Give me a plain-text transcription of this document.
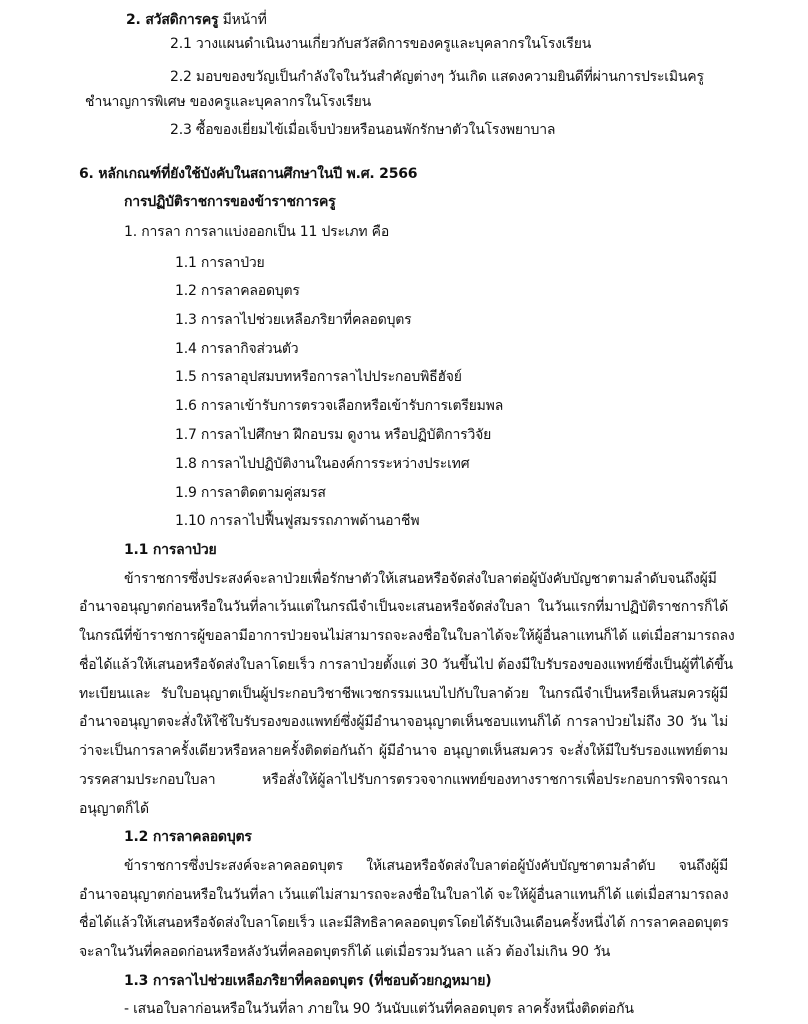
2. สวัสดิการครู มีหน้าที่
2.1 วางแผนดำเนินงานเกี่ยวกับสวัสดิการของครูและบุคลากรในโรงเรียน
2.2 มอบของขวัญเป็นกำลังใจในวันสำคัญต่างๆ วันเกิด แสดงความยินดีที่ผ่านการประเมินครู
ชำนาญการพิเศษ ของครูและบุคลากรในโรงเรียน
2.3 ซื้อของเยี่ยมไข้เมื่อเจ็บป่วยหรือนอนพักรักษาตัวในโรงพยาบาล
6. หลักเกณฑ์ที่ยังใช้บังคับในสถานศึกษาในปี พ.ศ. 2566
การปฏิบัติราชการของข้าราชการครู
1. การลา การลาแบ่งออกเป็น 11 ประเภท คือ
1.1 การลาป่วย
1.2 การลาคลอดบุตร
1.3 การลาไปช่วยเหลือภริยาที่คลอดบุตร
1.4 การลากิจส่วนตัว
1.5 การลาอุปสมบทหรือการลาไปประกอบพิธีฮัจย์
1.6 การลาเข้ารับการตรวจเลือกหรือเข้ารับการเตรียมพล
1.7 การลาไปศึกษา ฝึกอบรม ดูงาน หรือปฏิบัติการวิจัย
1.8 การลาไปปฏิบัติงานในองค์การระหว่างประเทศ
1.9 การลาติดตามคู่สมรส
1.10 การลาไปฟื้นฟูสมรรถภาพด้านอาชีพ
1.1 การลาป่วย
ข้าราชการซึ่งประสงค์จะลาป่วยเพื่อรักษาตัวให้เสนอหรือจัดส่งใบลาต่อผู้บังคับบัญชาตามลำดับจนถึงผู้มี
อำนาจอนุญาตก่อนหรือในวันที่ลาเว้นแต่ในกรณีจำเป็นจะเสนอหรือจัดส่งใบลา ในวันแรกที่มาปฏิบัติราชการก็ได้
ในกรณีที่ข้าราชการผู้ขอลามีอาการป่วยจนไม่สามารถจะลงชื่อในใบลาได้จะให้ผู้อื่นลาแทนก็ได้ แต่เมื่อสามารถลง
ชื่อได้แล้วให้เสนอหรือจัดส่งใบลาโดยเร็ว การลาป่วยตั้งแต่ 30 วันขึ้นไป ต้องมีใบรับรองของแพทย์ซึ่งเป็นผู้ที่ได้ขึ้น
ทะเบียนและ รับใบอนุญาตเป็นผู้ประกอบวิชาชีพเวชกรรมแนบไปกับใบลาด้วย ในกรณีจำเป็นหรือเห็นสมควรผู้มี
อำนาจอนุญาตจะสั่งให้ใช้ใบรับรองของแพทย์ซึ่งผู้มีอำนาจอนุญาตเห็นชอบแทนก็ได้ การลาป่วยไม่ถึง 30 วัน ไม่
ว่าจะเป็นการลาครั้งเดียวหรือหลายครั้งติดต่อกันถ้า ผู้มีอำนาจ อนุญาตเห็นสมควร จะสั่งให้มีใบรับรองแพทย์ตาม
วรรคสามประกอบใบลา หรือสั่งให้ผู้ลาไปรับการตรวจจากแพทย์ของทางราชการเพื่อประกอบการพิจารณา
อนุญาตก็ได้
1.2 การลาคลอดบุตร
ข้าราชการซึ่งประสงค์จะลาคลอดบุตร ให้เสนอหรือจัดส่งใบลาต่อผู้บังคับบัญชาตามลำดับ จนถึงผู้มี
อำนาจอนุญาตก่อนหรือในวันที่ลา เว้นแต่ไม่สามารถจะลงชื่อในใบลาได้ จะให้ผู้อื่นลาแทนก็ได้ แต่เมื่อสามารถลง
ชื่อได้แล้วให้เสนอหรือจัดส่งใบลาโดยเร็ว และมีสิทธิลาคลอดบุตรโดยได้รับเงินเดือนครั้งหนึ่งได้ การลาคลอดบุตร
จะลาในวันที่คลอดก่อนหรือหลังวันที่คลอดบุตรก็ได้ แต่เมื่อรวมวันลา แล้ว ต้องไม่เกิน 90 วัน
1.3 การลาไปช่วยเหลือภริยาที่คลอดบุตร (ที่ชอบด้วยกฎหมาย)
- เสนอใบลาก่อนหรือในวันที่ลา ภายใน 90 วันนับแต่วันที่คลอดบุตร ลาครั้งหนึ่งติดต่อกัน
